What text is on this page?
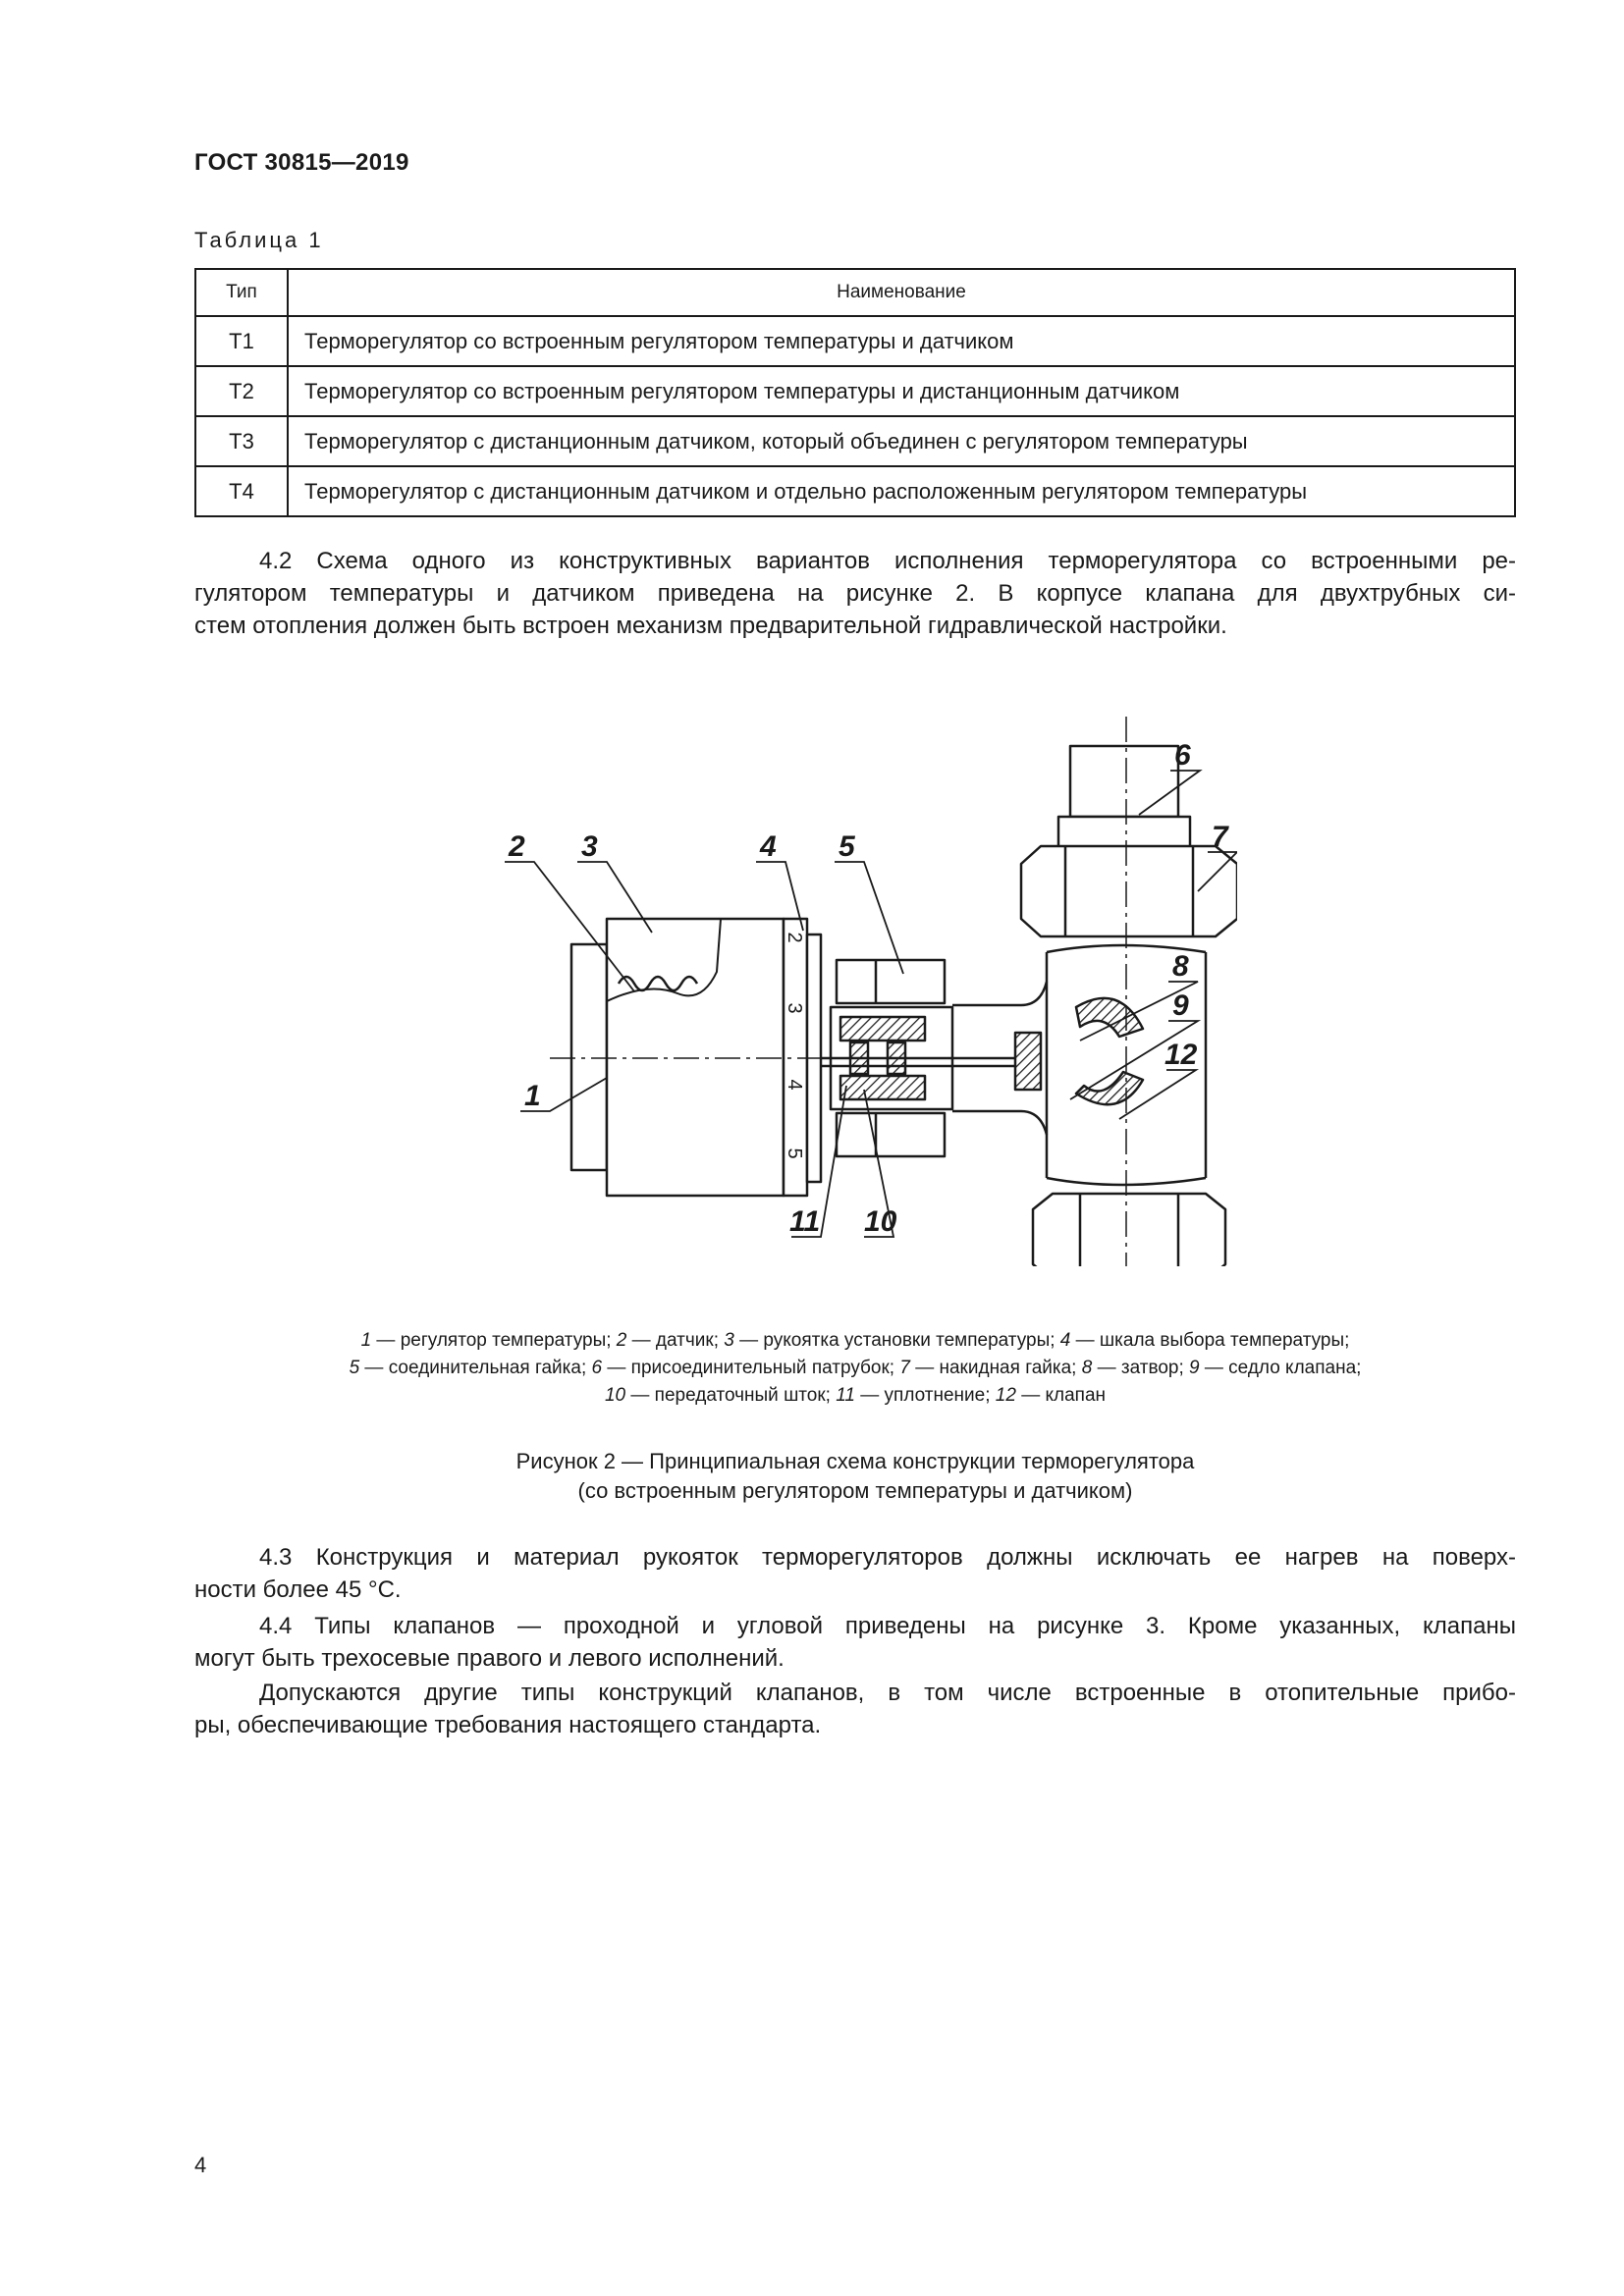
ГОСТ 30815—2019
Таблица 1
Тип	Наименование
Т1	Терморегулятор со встроенным регулятором температуры и датчиком
Т2	Терморегулятор со встроенным регулятором температуры и дистанционным датчиком
Т3	Терморегулятор с дистанционным датчиком, который объединен с регулятором температуры
Т4	Терморегулятор с дистанционным датчиком и отдельно расположенным регулятором температуры
4.2 Схема одного из конструктивных вариантов исполнения терморегулятора со встроенными ре-
гулятором температуры и датчиком приведена на рисунке 2. В корпусе клапана для двухтрубных си-
стем отопления должен быть встроен механизм предварительной гидравлической настройки.
2
3
4
5
1
2 3	4 5
6
7
8
9
10
11
12
1 — регулятор температуры; 2 — датчик; 3 — рукоятка установки температуры; 4 — шкала выбора температуры;
5 — соединительная гайка; 6 — присоединительный патрубок; 7 — накидная гайка; 8 — затвор; 9 — седло клапана;
10 — передаточный шток; 11 — уплотнение; 12 — клапан
Рисунок 2 — Принципиальная схема конструкции терморегулятора
(со встроенным регулятором температуры и датчиком)
4.3 Конструкция и материал рукояток терморегуляторов должны исключать ее нагрев на поверх-
ности более 45 °С.
4.4 Типы клапанов — проходной и угловой приведены на рисунке 3. Кроме указанных, клапаны
могут быть трехосевые правого и левого исполнений.
Допускаются другие типы конструкций клапанов, в том числе встроенные в отопительные прибо-
ры, обеспечивающие требования настоящего стандарта.
4
